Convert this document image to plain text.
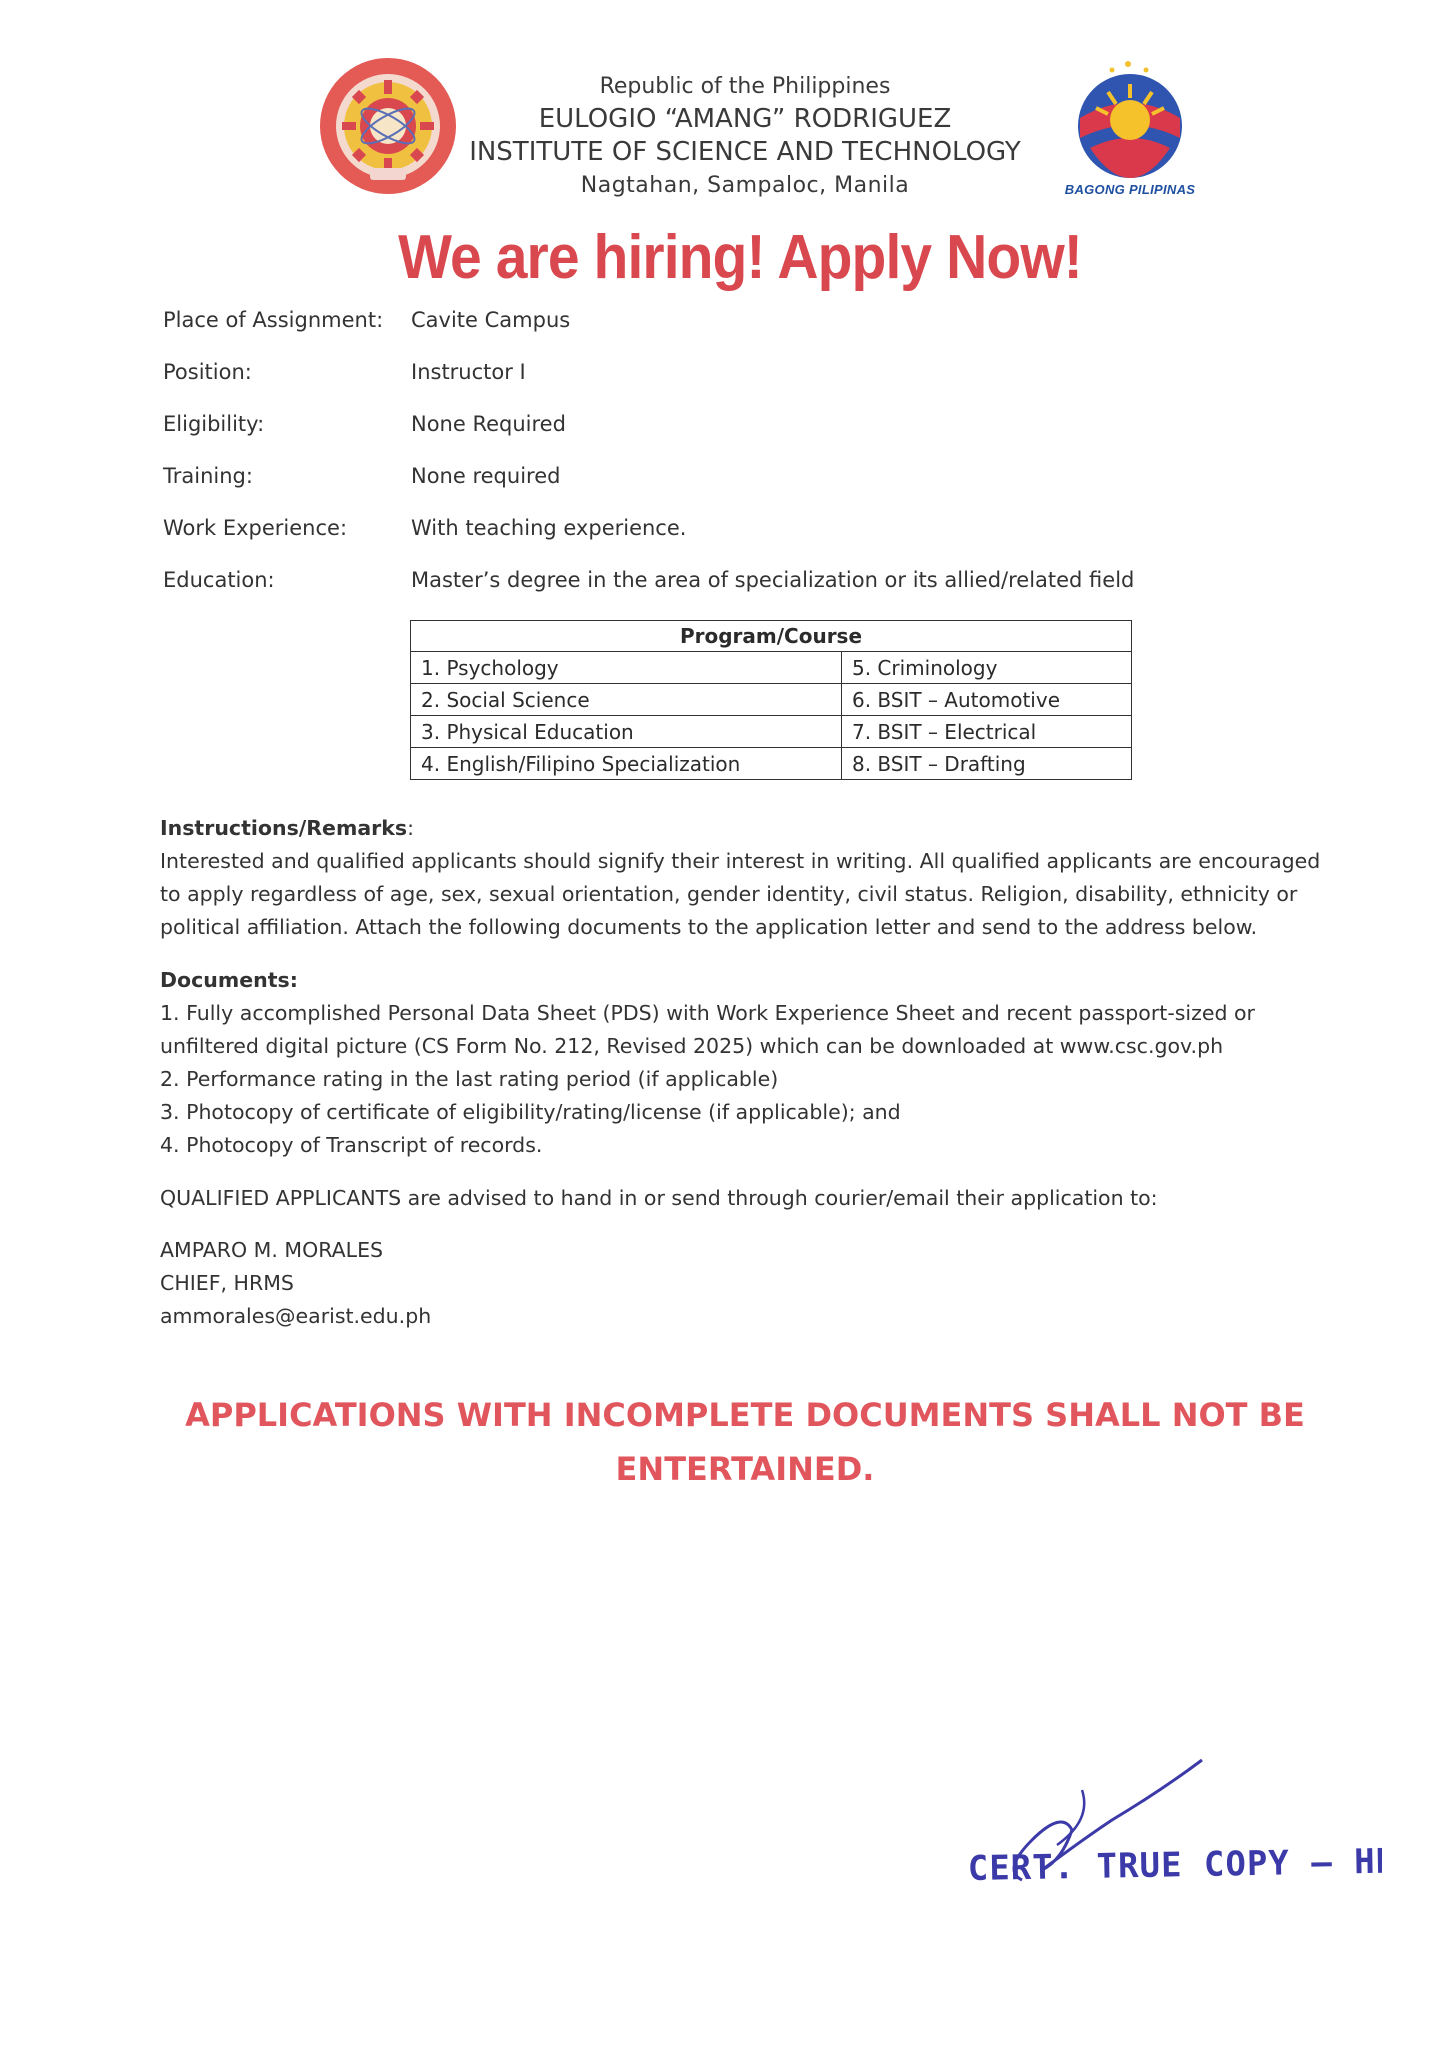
Republic of the Philippines
EULOGIO “AMANG” RODRIGUEZ
INSTITUTE OF SCIENCE AND TECHNOLOGY
Nagtahan, Sampaloc, Manila	BAGONG PILIPINAS
We are hiring! Apply Now!
Place of Assignment: Cavite Campus
Position:	Instructor I
Eligibility:	None Required
Training:	None required
Work Experience:	With teaching experience.
Education:	Master’s degree in the area of specialization or its allied/related field
Program/Course	
1. Psychology	5. Criminology
2. Social Science	6. BSIT – Automotive
3. Physical Education	7. BSIT – Electrical
4. English/Filipino Specialization	8. BSIT – Drafting
Instructions/Remarks:
Interested and qualified applicants should signify their interest in writing. All qualified applicants are encouraged to apply regardless of age, sex, sexual orientation, gender identity, civil status. Religion, disability, ethnicity or political affiliation. Attach the following documents to the application letter and send to the address below.
Documents:
1. Fully accomplished Personal Data Sheet (PDS) with Work Experience Sheet and recent passport-sized or unfiltered digital picture (CS Form No. 212, Revised 2025) which can be downloaded at www.csc.gov.ph
2. Performance rating in the last rating period (if applicable)
3. Photocopy of certificate of eligibility/rating/license (if applicable); and
4. Photocopy of Transcript of records.
QUALIFIED APPLICANTS are advised to hand in or send through courier/email their application to:
AMPARO M. MORALES
CHIEF, HRMS
ammorales@earist.edu.ph
APPLICATIONS WITH INCOMPLETE DOCUMENTS SHALL NOT BE
ENTERTAINED.
CERT. TRUE COPY – HRD
